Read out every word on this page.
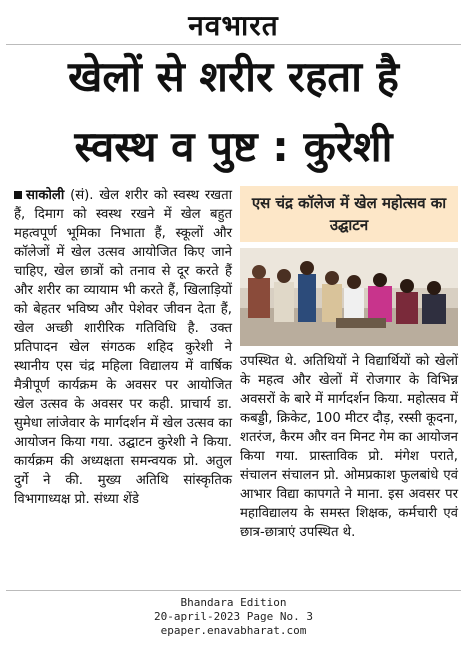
नवभारत
खेलों से शरीर रहता है
स्वस्थ व पुष्ट : कुरेशी
साकोली (सं). खेल शरीर को स्वस्थ रखता हैं, दिमाग को स्वस्थ रखने में खेल बहुत महत्वपूर्ण भूमिका निभाता हैं, स्कूलों और कॉलेजों में खेल उत्सव आयोजित किए जाने चाहिए, खेल छात्रों को तनाव से दूर करते हैं और शरीर का व्यायाम भी करते हैं, खिलाड़ियों को बेहतर भविष्य और पेशेवर जीवन देता हैं, खेल अच्छी शारीरिक गतिविधि है. उक्त प्रतिपादन खेल संगठक शहिद कुरेशी ने स्थानीय एस चंद्र महिला विद्यालय में वार्षिक मैत्रीपूर्ण कार्यक्रम के अवसर पर आयोजित खेल उत्सव के अवसर पर कही. प्राचार्य डा. सुमेधा लांजेवार के मार्गदर्शन में खेल उत्सव का आयोजन किया गया. उद्घाटन कुरेशी ने किया. कार्यक्रम की अध्यक्षता समन्वयक प्रो. अतुल दुर्गे ने की. मुख्य अतिथि सांस्कृतिक विभागाध्यक्ष प्रो. संध्या शेंडे
एस चंद्र कॉलेज में खेल महोत्सव का उद्घाटन
उपस्थित थे. अतिथियों ने विद्यार्थियों को खेलों के महत्व और खेलों में रोजगार के विभिन्न अवसरों के बारे में मार्गदर्शन किया. महोत्सव में कबड्डी, क्रिकेट, 100 मीटर दौड़, रस्सी कूदना, शतरंज, कैरम और वन मिनट गेम का आयोजन किया गया. प्रास्ताविक प्रो. मंगेश पराते, संचालन संचालन प्रो. ओमप्रकाश फुलबांधे एवं आभार विद्या कापगते ने माना. इस अवसर पर महाविद्यालय के समस्त शिक्षक, कर्मचारी एवं छात्र-छात्राएं उपस्थित थे.
Bhandara Edition
20-april-2023 Page No. 3
epaper.enavabharat.com
